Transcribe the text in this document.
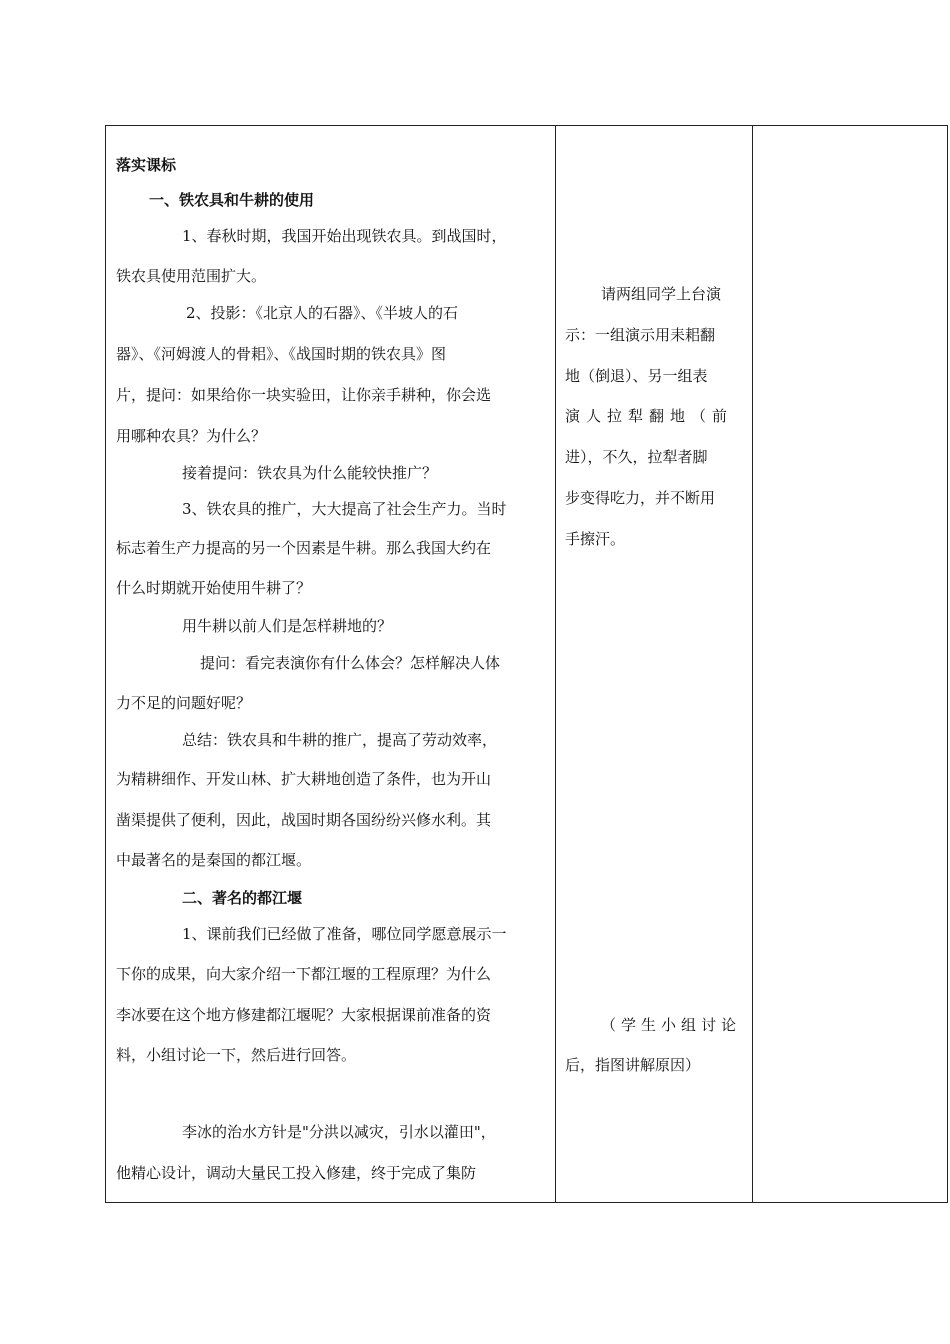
落实课标
一、铁农具和牛耕的使用
1、春秋时期，我国开始出现铁农具。到战国时，
铁农具使用范围扩大。
2、投影：《北京人的石器》、《半坡人的石
器》、《河姆渡人的骨耜》、《战国时期的铁农具》图
片，提问：如果给你一块实验田，让你亲手耕种，你会选
用哪种农具？为什么？
接着提问：铁农具为什么能较快推广？
3、铁农具的推广，大大提高了社会生产力。当时
标志着生产力提高的另一个因素是牛耕。那么我国大约在
什么时期就开始使用牛耕了？
用牛耕以前人们是怎样耕地的？
提问：看完表演你有什么体会？怎样解决人体
力不足的问题好呢？
总结：铁农具和牛耕的推广，提高了劳动效率，
为精耕细作、开发山林、扩大耕地创造了条件，也为开山
凿渠提供了便利，因此，战国时期各国纷纷兴修水利。其
中最著名的是秦国的都江堰。
二、著名的都江堰
1、课前我们已经做了准备，哪位同学愿意展示一
下你的成果，向大家介绍一下都江堰的工程原理？为什么
李冰要在这个地方修建都江堰呢？大家根据课前准备的资
料，小组讨论一下，然后进行回答。
李冰的治水方针是"分洪以减灾，引水以灌田"，
他精心设计，调动大量民工投入修建，终于完成了集防
请两组同学上台演
示：一组演示用耒耜翻
地（倒退）、另一组表
演人拉犁翻地（前
进），不久，拉犁者脚
步变得吃力，并不断用
手擦汗。
（学生小组讨论
后，指图讲解原因）
